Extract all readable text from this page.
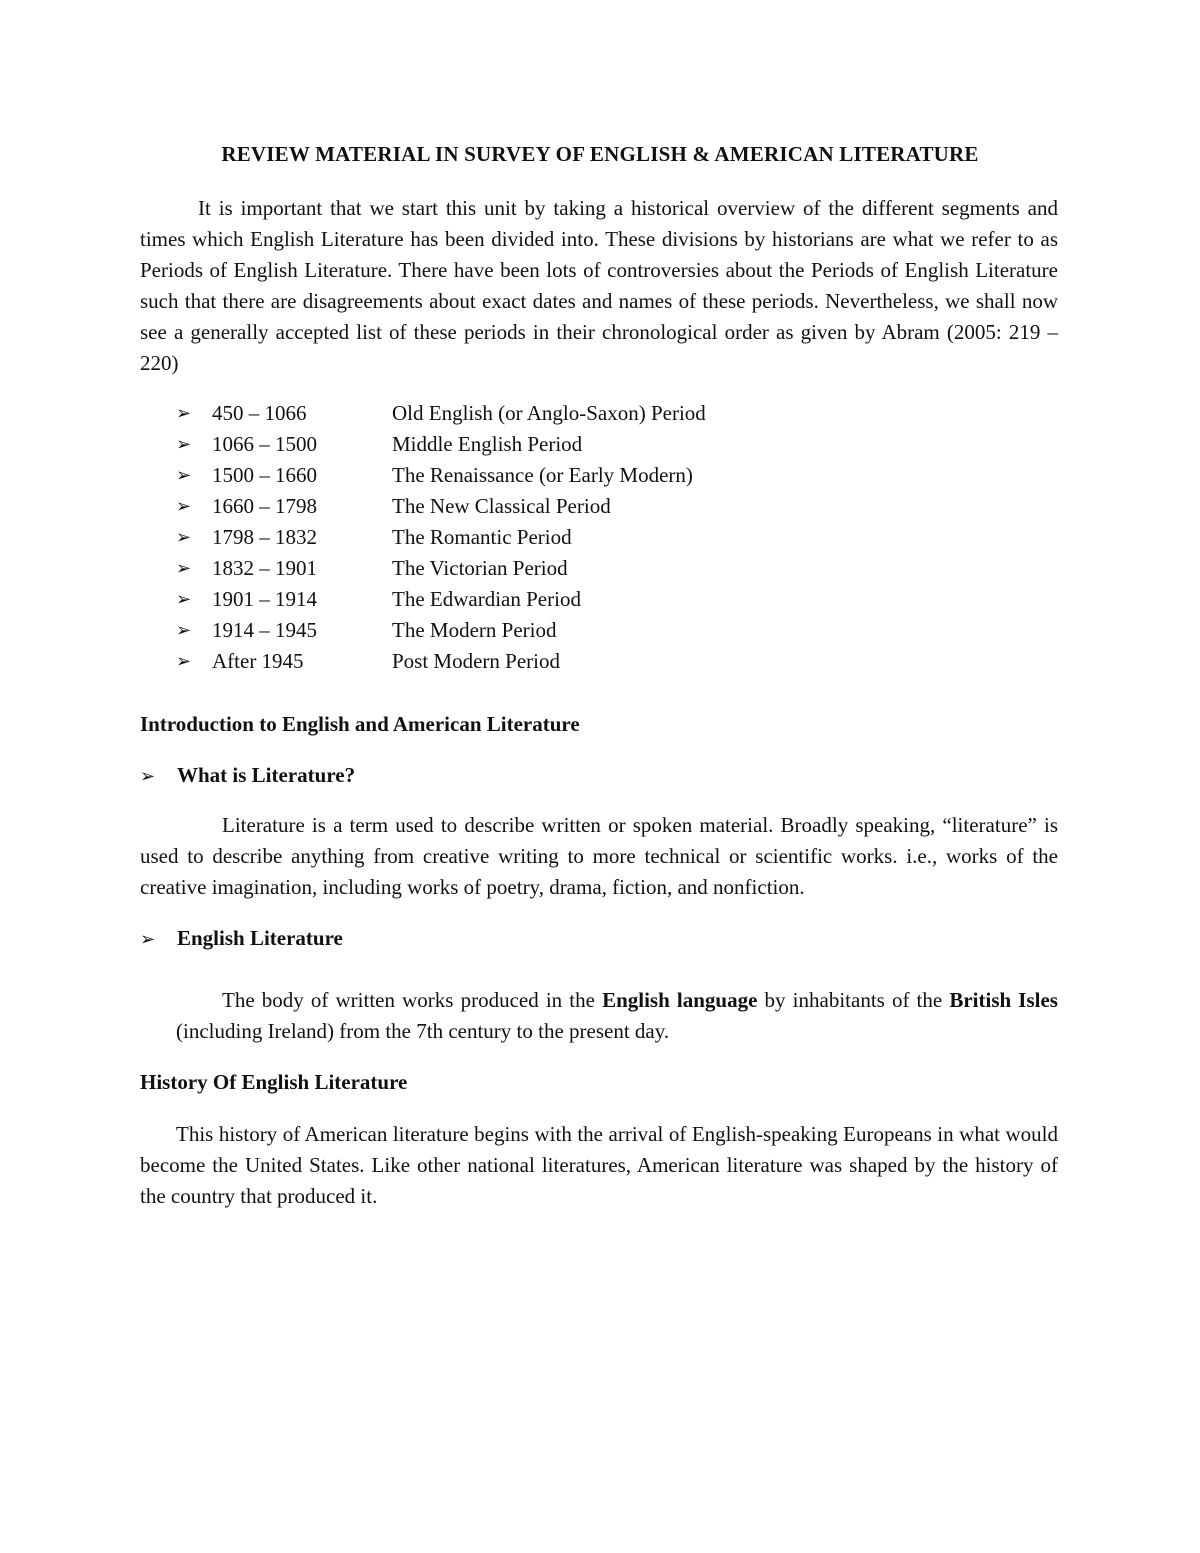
REVIEW MATERIAL IN SURVEY OF ENGLISH & AMERICAN LITERATURE

It is important that we start this unit by taking a historical overview of the different segments and times which English Literature has been divided into. These divisions by historians are what we refer to as Periods of English Literature. There have been lots of controversies about the Periods of English Literature such that there are disagreements about exact dates and names of these periods. Nevertheless, we shall now see a generally accepted list of these periods in their chronological order as given by Abram (2005: 219 – 220)

➢ 450 – 1066	Old English (or Anglo-Saxon) Period
➢ 1066 – 1500	Middle English Period
➢ 1500 – 1660	The Renaissance (or Early Modern)
➢ 1660 – 1798	The New Classical Period
➢ 1798 – 1832	The Romantic Period
➢ 1832 – 1901	The Victorian Period
➢ 1901 – 1914	The Edwardian Period
➢ 1914 – 1945	The Modern Period
➢ After 1945	Post Modern Period
Introduction to English and American Literature
➢ What is Literature?

Literature is a term used to describe written or spoken material. Broadly speaking, “literature” is used to describe anything from creative writing to more technical or scientific works. i.e., works of the creative imagination, including works of poetry, drama, fiction, and nonfiction.

➢ English Literature

The body of written works produced in the English language by inhabitants of the British Isles (including Ireland) from the 7th century to the present day.

History Of English Literature

This history of American literature begins with the arrival of English-speaking Europeans in what would become the United States. Like other national literatures, American literature was shaped by the history of the country that produced it.
